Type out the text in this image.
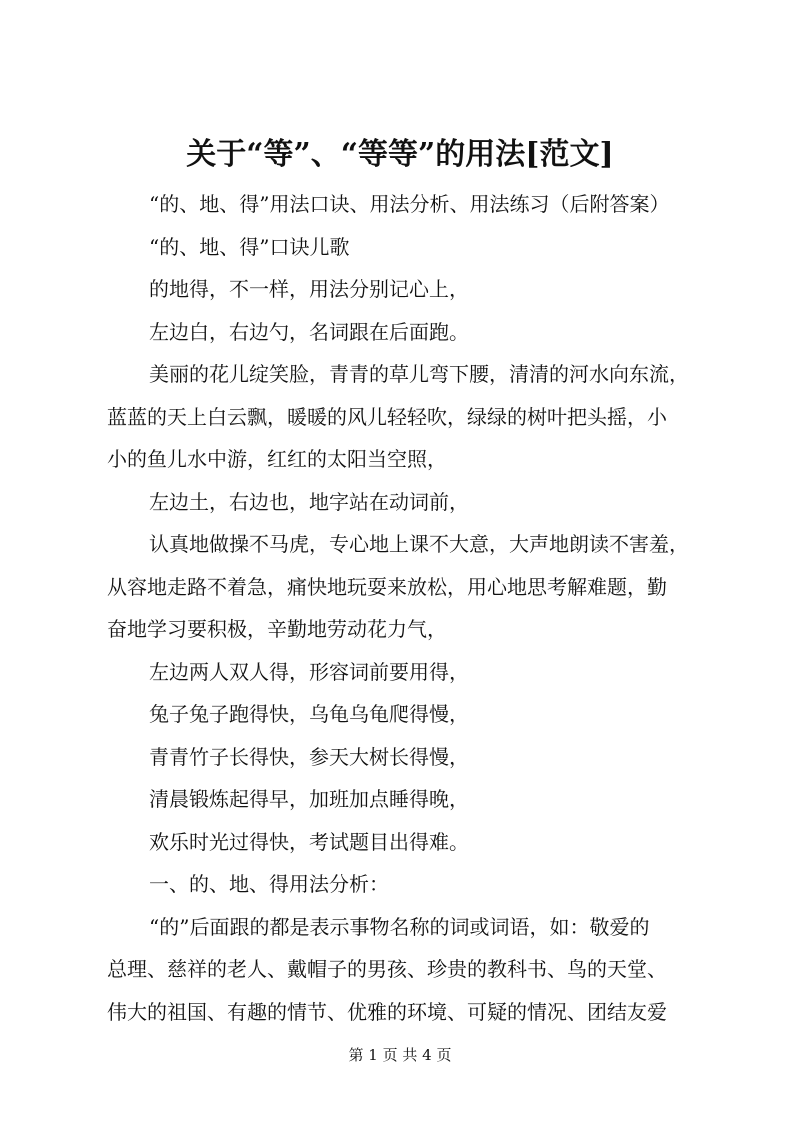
关于“等”、“等等”的用法[范文]
“的、地、得”用法口诀、用法分析、用法练习（后附答案）
“的、地、得”口诀儿歌
的地得，不一样，用法分别记心上，
左边白，右边勺，名词跟在后面跑。
美丽的花儿绽笑脸，青青的草儿弯下腰，清清的河水向东流，
蓝蓝的天上白云飘，暖暖的风儿轻轻吹，绿绿的树叶把头摇，小
小的鱼儿水中游，红红的太阳当空照，
左边土，右边也，地字站在动词前，
认真地做操不马虎，专心地上课不大意，大声地朗读不害羞，
从容地走路不着急，痛快地玩耍来放松，用心地思考解难题，勤
奋地学习要积极，辛勤地劳动花力气，
左边两人双人得，形容词前要用得，
兔子兔子跑得快，乌龟乌龟爬得慢，
青青竹子长得快，参天大树长得慢，
清晨锻炼起得早，加班加点睡得晚，
欢乐时光过得快，考试题目出得难。
一、的、地、得用法分析：
“的”后面跟的都是表示事物名称的词或词语，如：敬爱的
总理、慈祥的老人、戴帽子的男孩、珍贵的教科书、鸟的天堂、
伟大的祖国、有趣的情节、优雅的环境、可疑的情况、团结友爱
第 1 页 共 4 页
